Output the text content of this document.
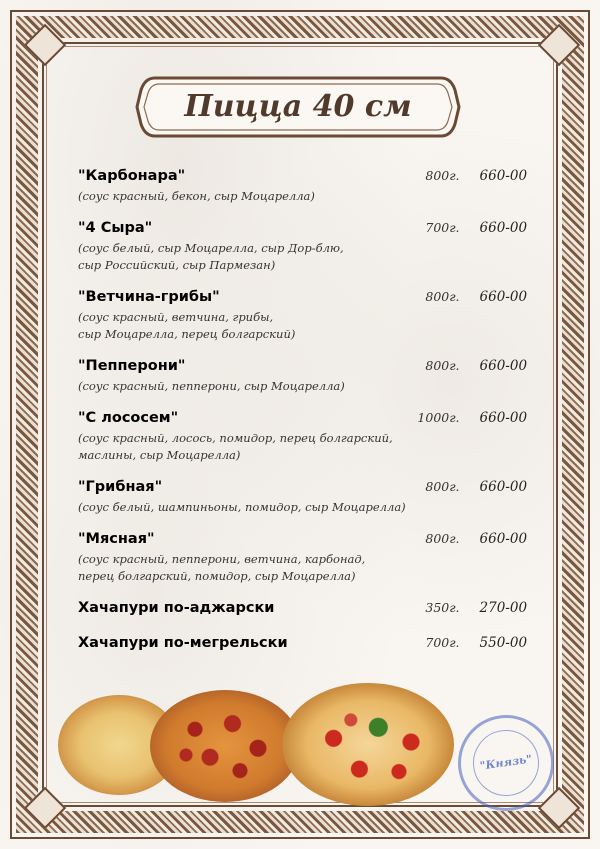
Пицца 40 см
"Карбонара"	800г.	660-00
(соус красный, бекон, сыр Моцарелла)
"4 Сыра"	700г.	660-00
(соус белый, сыр Моцарелла, сыр Дор-блю,
сыр Российский, сыр Пармезан)
"Ветчина-грибы"	800г.	660-00
(соус красный, ветчина, грибы,
сыр Моцарелла, перец болгарский)
"Пепперони"	800г.	660-00
(соус красный, пепперони, сыр Моцарелла)
"С лососем"	1000г.	660-00
(соус красный, лосось, помидор, перец болгарский,
маслины, сыр Моцарелла)
"Грибная"	800г.	660-00
(соус белый, шампиньоны, помидор, сыр Моцарелла)
"Мясная"	800г.	660-00
(соус красный, пепперони, ветчина, карбонад,
перец болгарский, помидор, сыр Моцарелла)
Хачапури по-аджарски	350г.	270-00
Хачапури по-мегрельски	700г.	550-00
"Князь"
